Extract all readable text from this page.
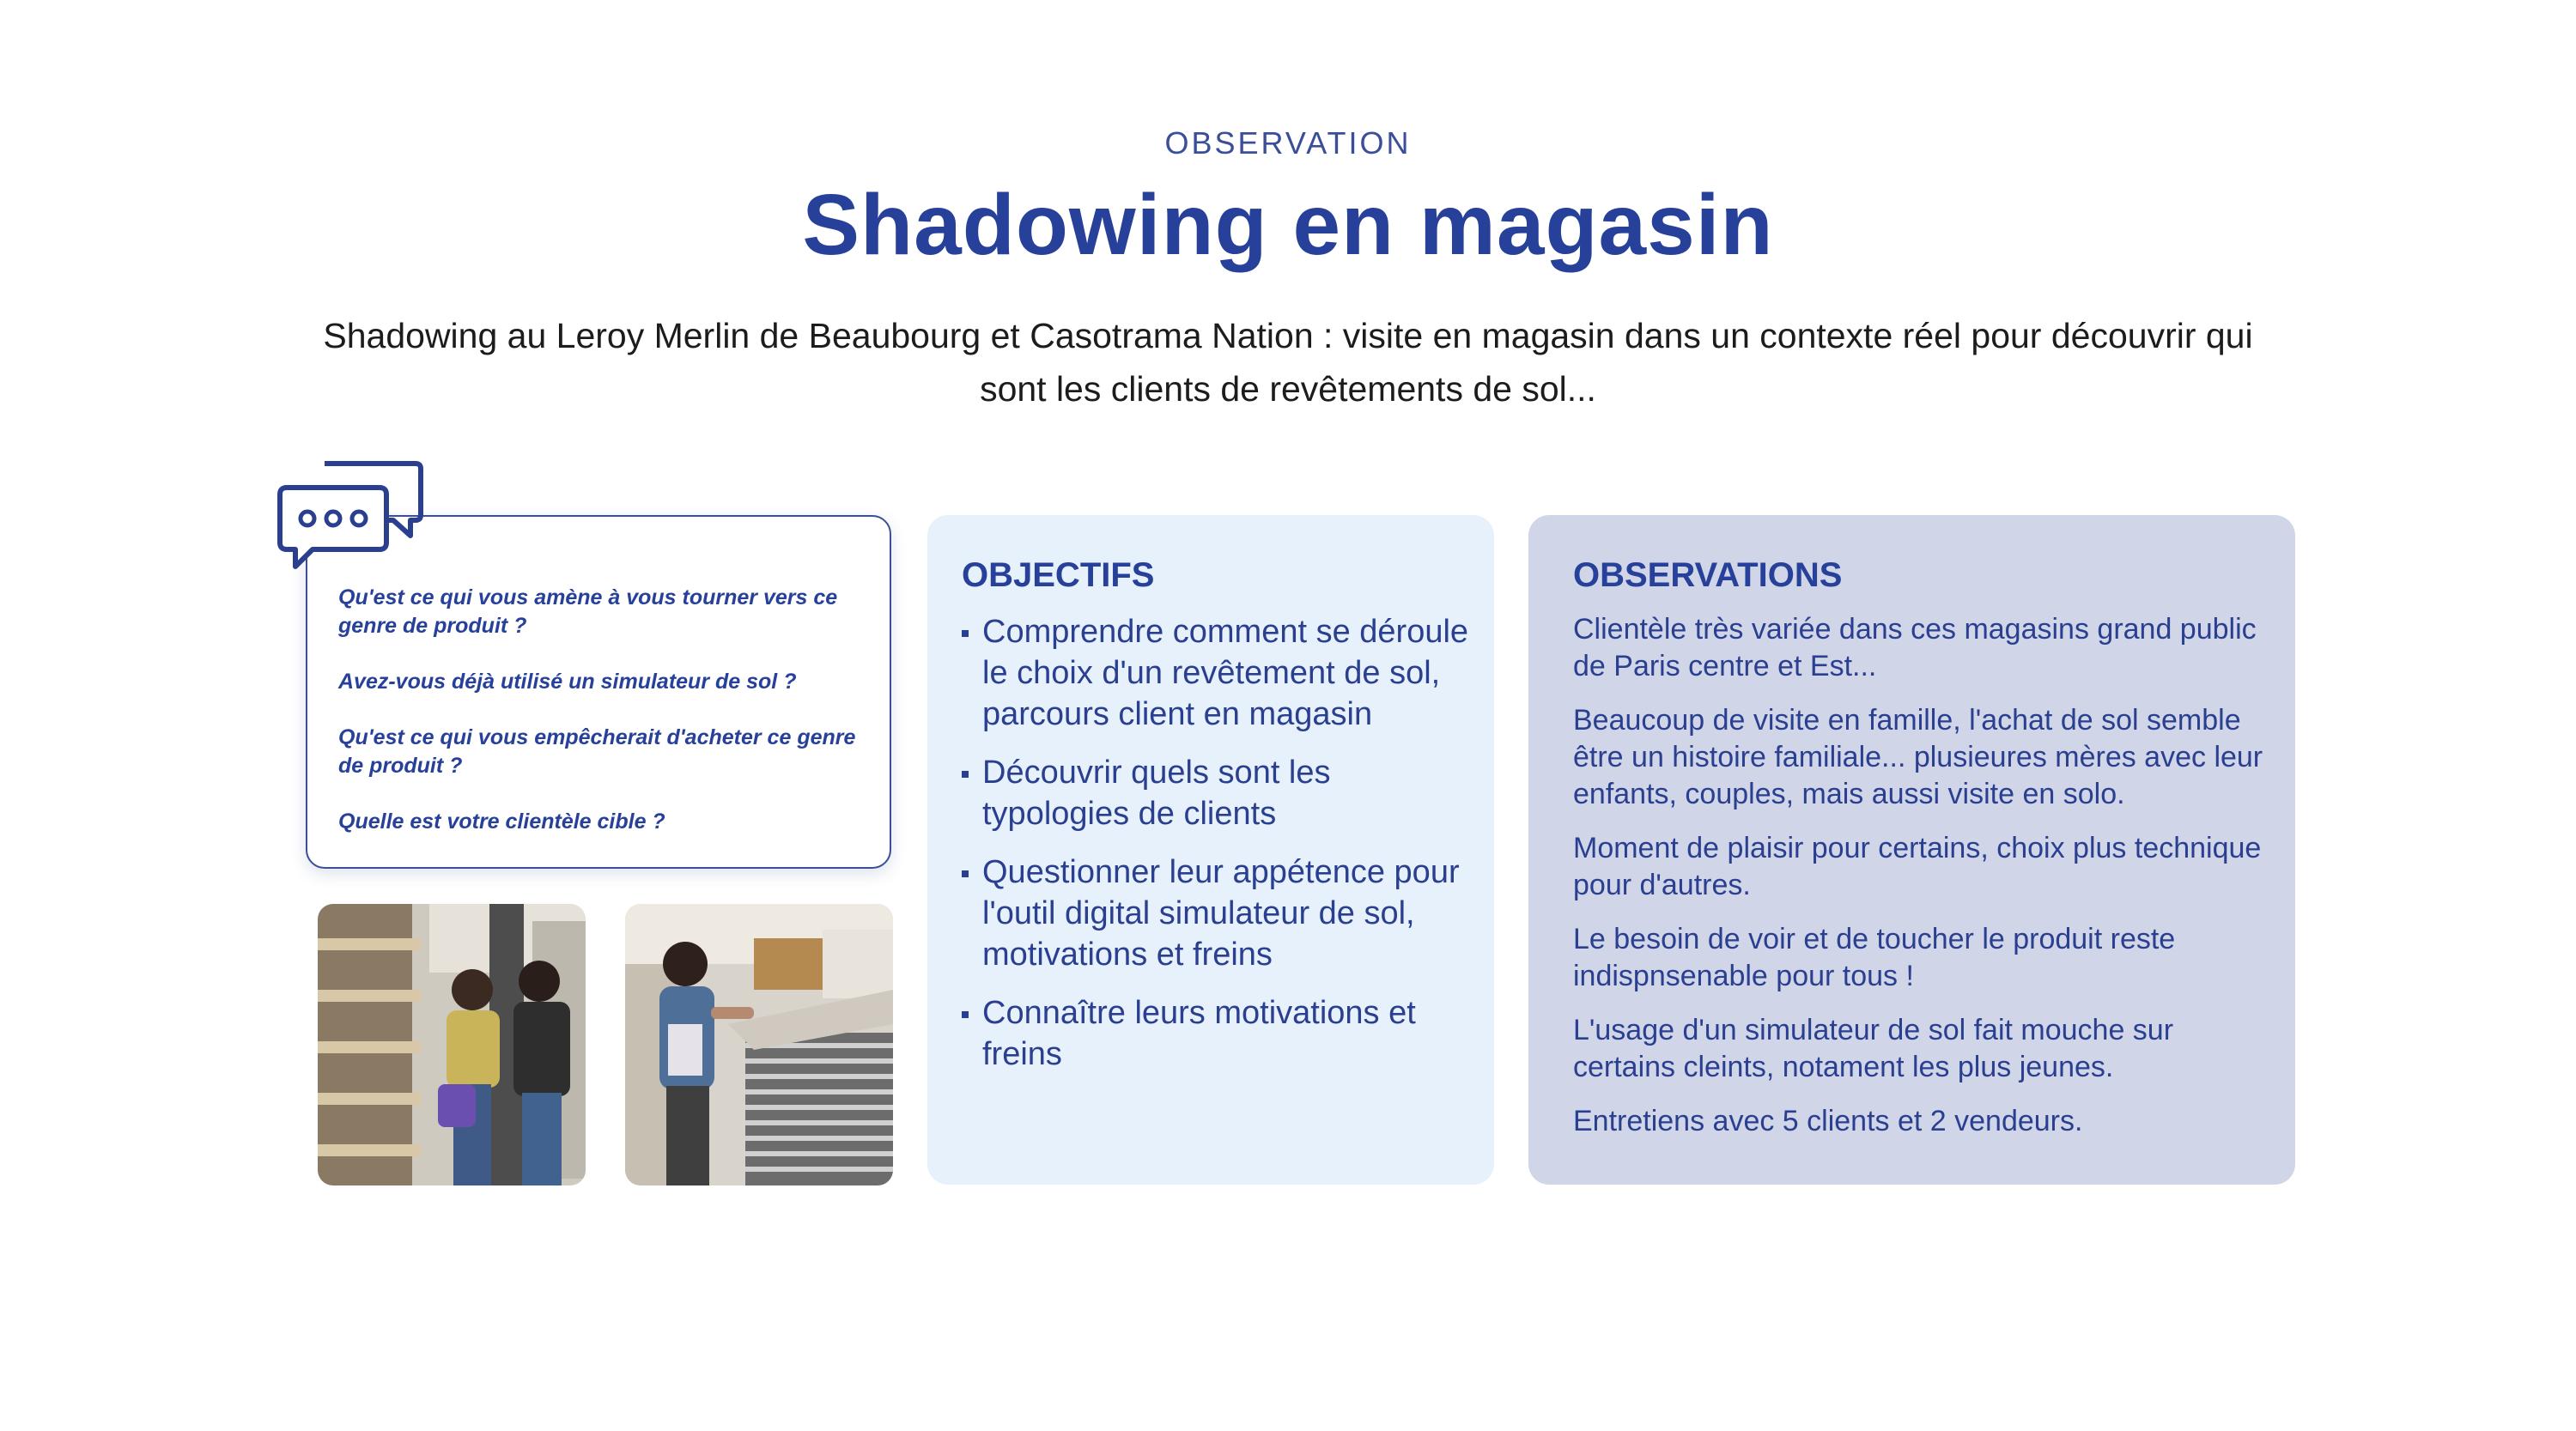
OBSERVATION
Shadowing en magasin
Shadowing au Leroy Merlin de Beaubourg et Casotrama Nation : visite en magasin dans un contexte réel pour découvrir qui sont les clients de revêtements de sol...
Qu'est ce qui vous amène à vous tourner vers ce genre de produit ?
Avez-vous déjà utilisé un simulateur de sol ?
Qu'est ce qui vous empêcherait d'acheter ce genre de produit ?
Quelle est votre clientèle cible ?
OBJECTIFS
Comprendre comment se déroule le choix d'un revêtement de sol, parcours client en magasin
Découvrir quels sont les typologies de clients
Questionner leur appétence pour l'outil digital simulateur de sol, motivations et freins
Connaître leurs motivations et freins
OBSERVATIONS
Clientèle très variée dans ces magasins grand public de Paris centre et Est...
Beaucoup de visite en famille, l'achat de sol semble être un histoire familiale... plusieures mères avec leur enfants, couples, mais aussi visite en solo.
Moment de plaisir pour certains, choix plus technique pour d'autres.
Le besoin de voir et de toucher le produit reste indispnsenable pour tous !
L'usage d'un simulateur de sol fait mouche sur certains cleints, notament les plus jeunes.
Entretiens avec 5 clients et 2 vendeurs.
